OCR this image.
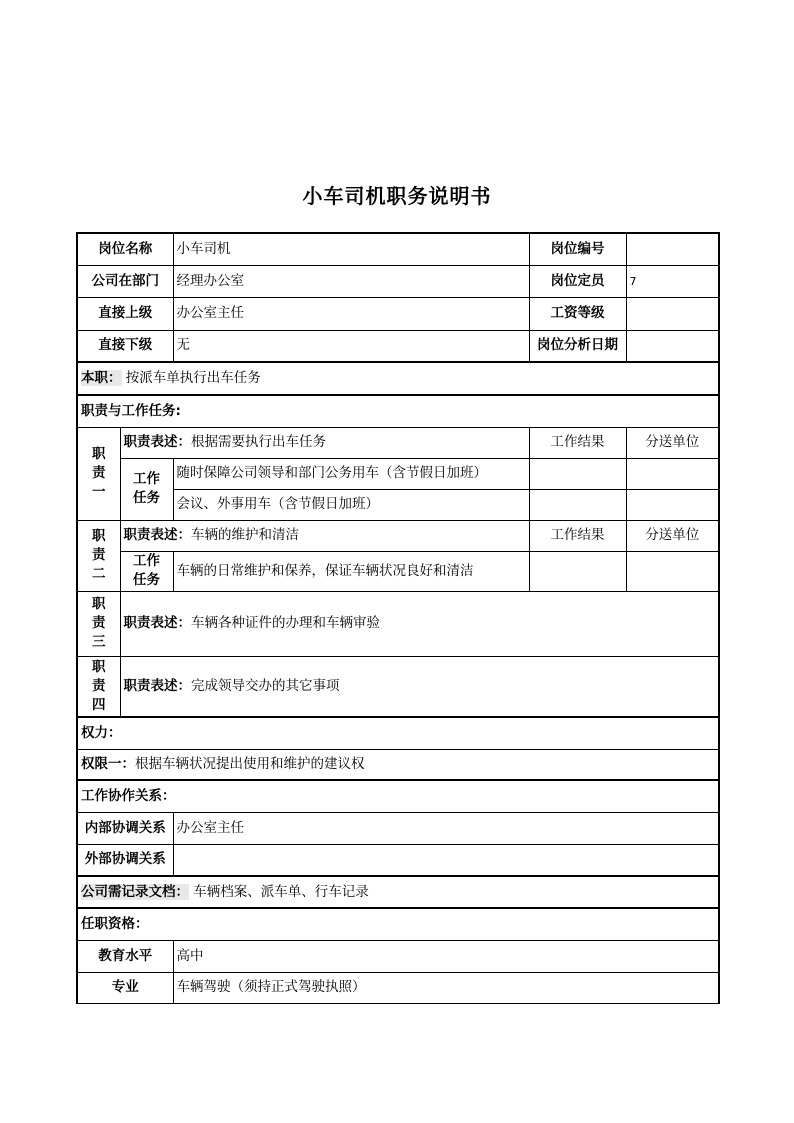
小车司机职务说明书
岗位名称		小车司机	岗位编号	
公司在部门		经理办公室	岗位定员	7
直接上级		办公室主任	工资等级	
直接下级		无	岗位分析日期	
本职： 按派车单执行出车任务				
职责与工作任务:				
职
责
一	职责表述：根据需要执行出车任务		工作结果	分送单位
	工作
任务	随时保障公司领导和部门公务用车（含节假日加班）		
		会议、外事用车（含节假日加班）		
职
责
二	职责表述：车辆的维护和清洁		工作结果	分送单位
	工作
任务	车辆的日常维护和保养，保证车辆状况良好和清洁		
职
责
三	职责表述：车辆各种证件的办理和车辆审验			
职
责
四	职责表述：完成领导交办的其它事项			
权力：				
权限一：根据车辆状况提出使用和维护的建议权				
工作协作关系：				
内部协调关系		办公室主任		
外部协调关系				
公司需记录文档： 车辆档案、派车单、行车记录				
任职资格：				
教育水平		高中		
专业		车辆驾驶（须持正式驾驶执照）		
